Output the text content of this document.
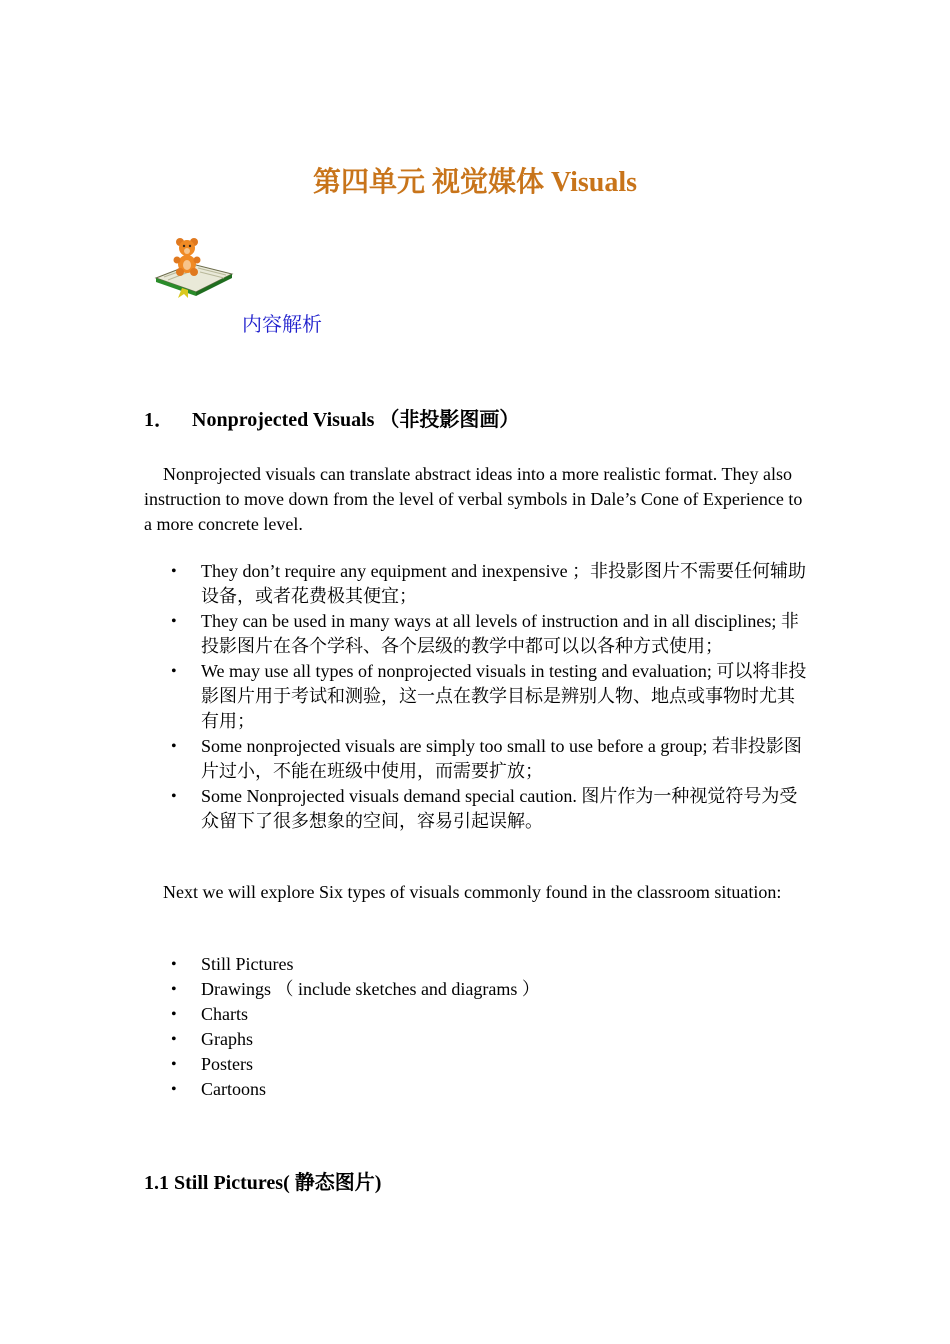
第四单元 视觉媒体 Visuals
内容解析
1． Nonprojected Visuals （非投影图画）

Nonprojected visuals can translate abstract ideas into a more realistic format. They also instruction to move down from the level of verbal symbols in Dale’s Cone of Experience to a more concrete level.

• They don’t require any equipment and inexpensive ；非投影图片不需要任何辅助设备，或者花费极其便宜；
• They can be used in many ways at all levels of instruction and in all disciplines; 非投影图片在各个学科、各个层级的教学中都可以以各种方式使用；
• We may use all types of nonprojected visuals in testing and evaluation; 可以将非投影图片用于考试和测验，这一点在教学目标是辨别人物、地点或事物时尤其有用；
• Some nonprojected visuals are simply too small to use before a group; 若非投影图片过小，不能在班级中使用，而需要扩放；
• Some Nonprojected visuals demand special caution. 图片作为一种视觉符号为受众留下了很多想象的空间，容易引起误解。

Next we will explore Six types of visuals commonly found in the classroom situation:

• Still Pictures
• Drawings （ include sketches and diagrams ）
• Charts
• Graphs
• Posters
• Cartoons
1.1 Still Pictures( 静态图片)
